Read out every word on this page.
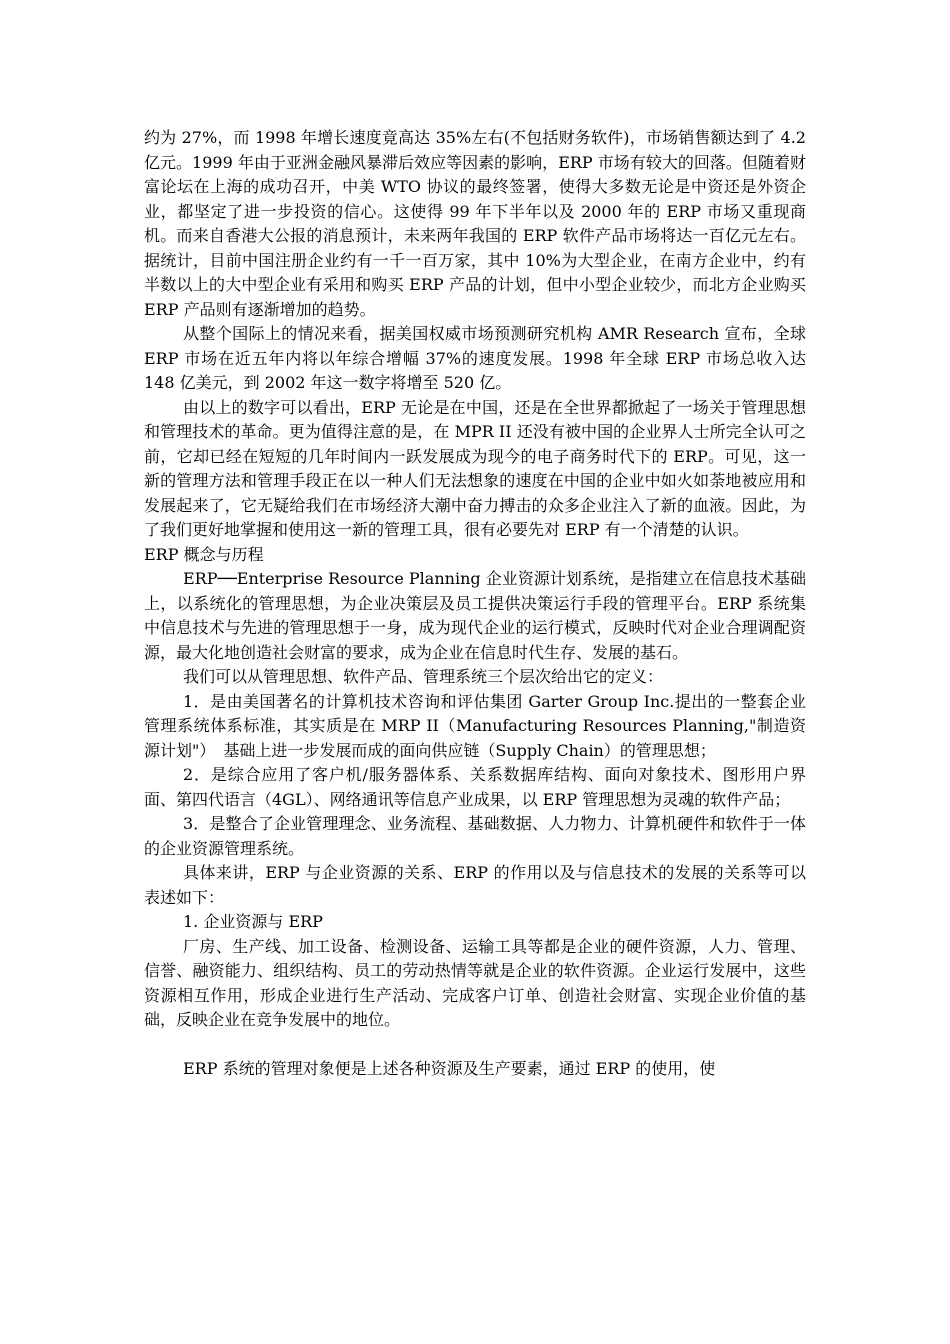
约为 27%，而 1998 年增长速度竟高达 35%左右(不包括财务软件)，市场销售额达到了 4.2 亿元。1999 年由于亚洲金融风暴滞后效应等因素的影响，ERP 市场有较大的回落。但随着财富论坛在上海的成功召开，中美 WTO 协议的最终签署，使得大多数无论是中资还是外资企业，都坚定了进一步投资的信心。这使得 99 年下半年以及 2000 年的 ERP 市场又重现商机。而来自香港大公报的消息预计，未来两年我国的 ERP 软件产品市场将达一百亿元左右。据统计，目前中国注册企业约有一千一百万家，其中 10%为大型企业，在南方企业中，约有半数以上的大中型企业有采用和购买 ERP 产品的计划，但中小型企业较少，而北方企业购买 ERP 产品则有逐渐增加的趋势。

从整个国际上的情况来看，据美国权威市场预测研究机构 AMR Research 宣布，全球 ERP 市场在近五年内将以年综合增幅 37%的速度发展。1998 年全球 ERP 市场总收入达 148 亿美元，到 2002 年这一数字将增至 520 亿。

由以上的数字可以看出，ERP 无论是在中国，还是在全世界都掀起了一场关于管理思想和管理技术的革命。更为值得注意的是，在 MPR II 还没有被中国的企业界人士所完全认可之前，它却已经在短短的几年时间内一跃发展成为现今的电子商务时代下的 ERP。可见，这一新的管理方法和管理手段正在以一种人们无法想象的速度在中国的企业中如火如荼地被应用和发展起来了，它无疑给我们在市场经济大潮中奋力搏击的众多企业注入了新的血液。因此，为了我们更好地掌握和使用这一新的管理工具，很有必要先对 ERP 有一个清楚的认识。

ERP 概念与历程

ERP──Enterprise Resource Planning 企业资源计划系统，是指建立在信息技术基础上，以系统化的管理思想，为企业决策层及员工提供决策运行手段的管理平台。ERP 系统集中信息技术与先进的管理思想于一身，成为现代企业的运行模式，反映时代对企业合理调配资源，最大化地创造社会财富的要求，成为企业在信息时代生存、发展的基石。

我们可以从管理思想、软件产品、管理系统三个层次给出它的定义：

1．是由美国著名的计算机技术咨询和评估集团 Garter Group Inc.提出的一整套企业管理系统体系标准，其实质是在 MRP II（Manufacturing Resources Planning,"制造资源计划"）　基础上进一步发展而成的面向供应链（Supply Chain）的管理思想；

2．是综合应用了客户机/服务器体系、关系数据库结构、面向对象技术、图形用户界面、第四代语言（4GL）、网络通讯等信息产业成果，以 ERP 管理思想为灵魂的软件产品；

3．是整合了企业管理理念、业务流程、基础数据、人力物力、计算机硬件和软件于一体的企业资源管理系统。

具体来讲，ERP 与企业资源的关系、ERP 的作用以及与信息技术的发展的关系等可以表述如下：

1. 企业资源与 ERP

厂房、生产线、加工设备、检测设备、运输工具等都是企业的硬件资源，人力、管理、信誉、融资能力、组织结构、员工的劳动热情等就是企业的软件资源。企业运行发展中，这些资源相互作用，形成企业进行生产活动、完成客户订单、创造社会财富、实现企业价值的基础，反映企业在竞争发展中的地位。

ERP 系统的管理对象便是上述各种资源及生产要素，通过 ERP 的使用，使
